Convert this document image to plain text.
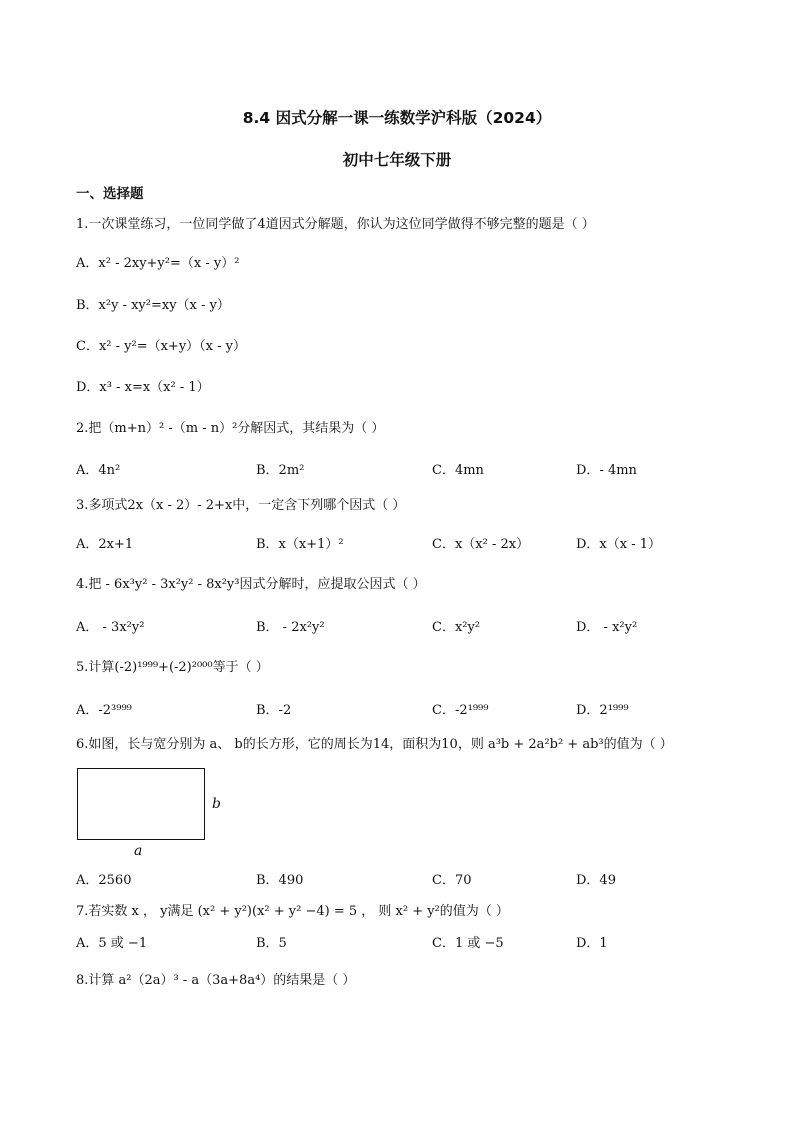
8.4 因式分解一课一练数学沪科版（2024）
初中七年级下册
一、选择题
1.一次课堂练习，一位同学做了4道因式分解题，你认为这位同学做得不够完整的题是（ ）
A．x² - 2xy+y²=（x - y）²
B．x²y - xy²=xy（x - y）
C．x² - y²=（x+y）（x - y）
D．x³ - x=x（x² - 1）
2.把（m+n）² -（m - n）²分解因式，其结果为（ ）
A．4n²	B．2m²	C．4mn	D．- 4mn
3.多项式2x（x - 2）- 2+x中，一定含下列哪个因式（ ）
A．2x+1	B．x（x+1）²	C．x（x² - 2x）	D．x（x - 1）
4.把 - 6x³y² - 3x²y² - 8x²y³因式分解时，应提取公因式（ ）
A． - 3x²y²	B． - 2x²y²	C．x²y²	D． - x²y²
5.计算(-2)¹⁹⁹⁹+(-2)²⁰⁰⁰等于（ ）
A．-2³⁹⁹⁹	B．-2	C．-2¹⁹⁹⁹	D．2¹⁹⁹⁹
6.如图，长与宽分别为 a、 b的长方形，它的周长为14，面积为10，则 a³b + 2a²b² + ab³的值为（ ）
b
a
A．2560	B．490	C．70	D．49
7.若实数 x ， y满足 (x² + y²)(x² + y² −4) = 5 ， 则 x² + y²的值为（ ）
A．5 或 −1	B．5	C．1 或 −5	D．1
8.计算 a²（2a）³ - a（3a+8a⁴）的结果是（ ）
